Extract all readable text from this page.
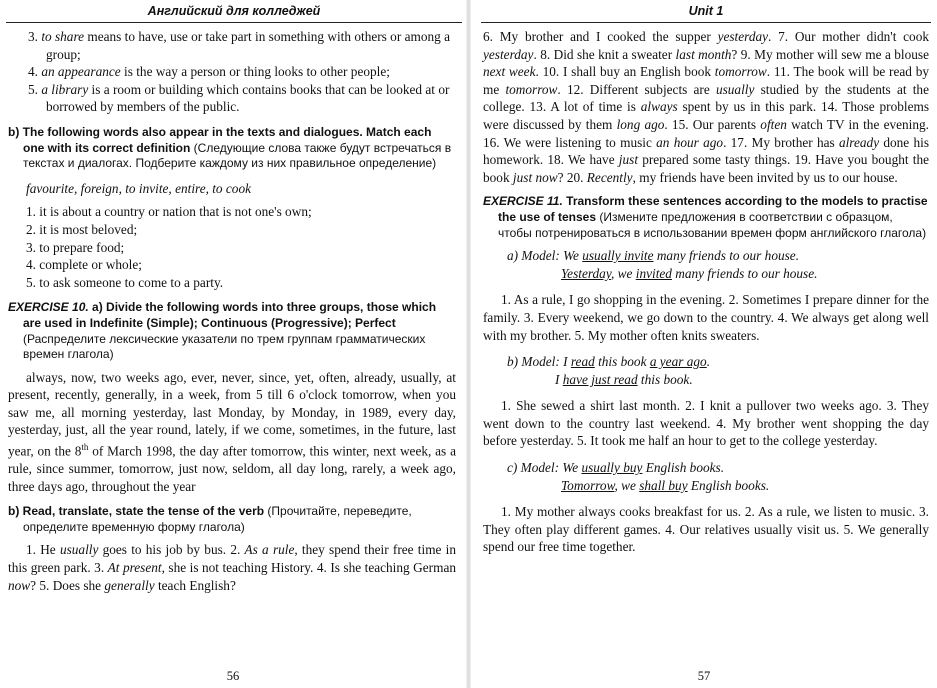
Английский для колледжей

3. to share means to have, use or take part in something with others or among a group;

4. an appearance is the way a person or thing looks to other people;

5. a library is a room or building which contains books that can be looked at or borrowed by members of the public.

b) The following words also appear in the texts and dialogues. Match each one with its correct definition (Следующие слова также будут встречаться в текстах и диалогах. Подберите каждому из них правильное определение)

favourite, foreign, to invite, entire, to cook

1. it is about a country or nation that is not one's own;

2. it is most beloved;

3. to prepare food;

4. complete or whole;

5. to ask someone to come to a party.

EXERCISE 10. a) Divide the following words into three groups, those which are used in Indefinite (Simple); Continuous (Progressive); Perfect (Распределите лексические указатели по трем группам грамматических времен глагола)

always, now, two weeks ago, ever, never, since, yet, often, already, usually, at present, recently, generally, in a week, from 5 till 6 o'clock tomorrow, when you saw me, all morning yesterday, last Monday, by Monday, in 1989, every day, yesterday, just, all the year round, lately, if we come, sometimes, in the future, last year, on the 8th of March 1998, the day after tomorrow, this winter, next week, as a rule, since summer, tomorrow, just now, seldom, all day long, rarely, a week ago, three days ago, throughout the year

b) Read, translate, state the tense of the verb (Прочитайте, переведите, определите временную форму глагола)

1. He usually goes to his job by bus. 2. As a rule, they spend their free time in this green park. 3. At present, she is not teaching History. 4. Is she teaching German now? 5. Does she generally teach English?

56
Unit 1

6. My brother and I cooked the supper yesterday. 7. Our mother didn't cook yesterday. 8. Did she knit a sweater last month? 9. My mother will sew me a blouse next week. 10. I shall buy an English book tomorrow. 11. The book will be read by me tomorrow. 12. Different subjects are usually studied by the students at the college. 13. A lot of time is always spent by us in this park. 14. Those problems were discussed by them long ago. 15. Our parents often watch TV in the evening. 16. We were listening to music an hour ago. 17. My brother has already done his homework. 18. We have just prepared some tasty things. 19. Have you bought the book just now? 20. Recently, my friends have been invited by us to our house.

EXERCISE 11. Transform these sentences according to the models to practise the use of tenses (Измените предложения в соответствии с образцом, чтобы потренироваться в использовании времен форм английского глагола)

a) Model: We usually invite many friends to our house.

Yesterday, we invited many friends to our house.

1. As a rule, I go shopping in the evening. 2. Sometimes I prepare dinner for the family. 3. Every weekend, we go down to the country. 4. We always get along well with my brother. 5. My mother often knits sweaters.

b) Model: I read this book a year ago.

I have just read this book.

1. She sewed a shirt last month. 2. I knit a pullover two weeks ago. 3. They went down to the country last weekend. 4. My brother went shopping the day before yesterday. 5. It took me half an hour to get to the college yesterday.

c) Model: We usually buy English books.

Tomorrow, we shall buy English books.

1. My mother always cooks breakfast for us. 2. As a rule, we listen to music. 3. They often play different games. 4. Our relatives usually visit us. 5. We generally spend our free time together.

57
